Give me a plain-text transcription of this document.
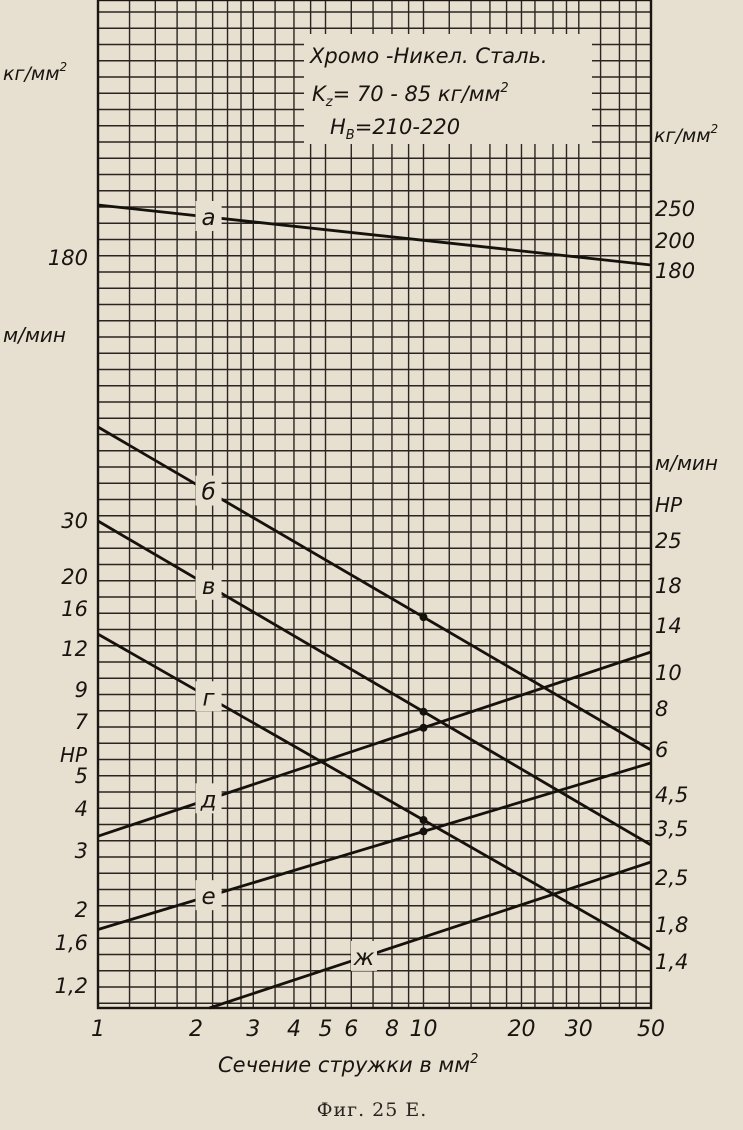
Хромо -Никел. Сталь.
$K_z= 70 - 85$ $кг/мм^2$
$H_B=210-220$
$кг/мм^2$
$кг/мм^2$
м/мин
м/мин
HP
HP
180
30
20
16
12
9
7
5
4
3
2
1,6
1,2
250
200
180
25
18
14
10
8
6
4,5
3,5
2,5
1,8
1,4
а
б
в
г
д
е
ж
1	2 3 4 5 6 8 10	20 30 50
Сечение стружки в $мм^2$
Фиг. 25 Е.
